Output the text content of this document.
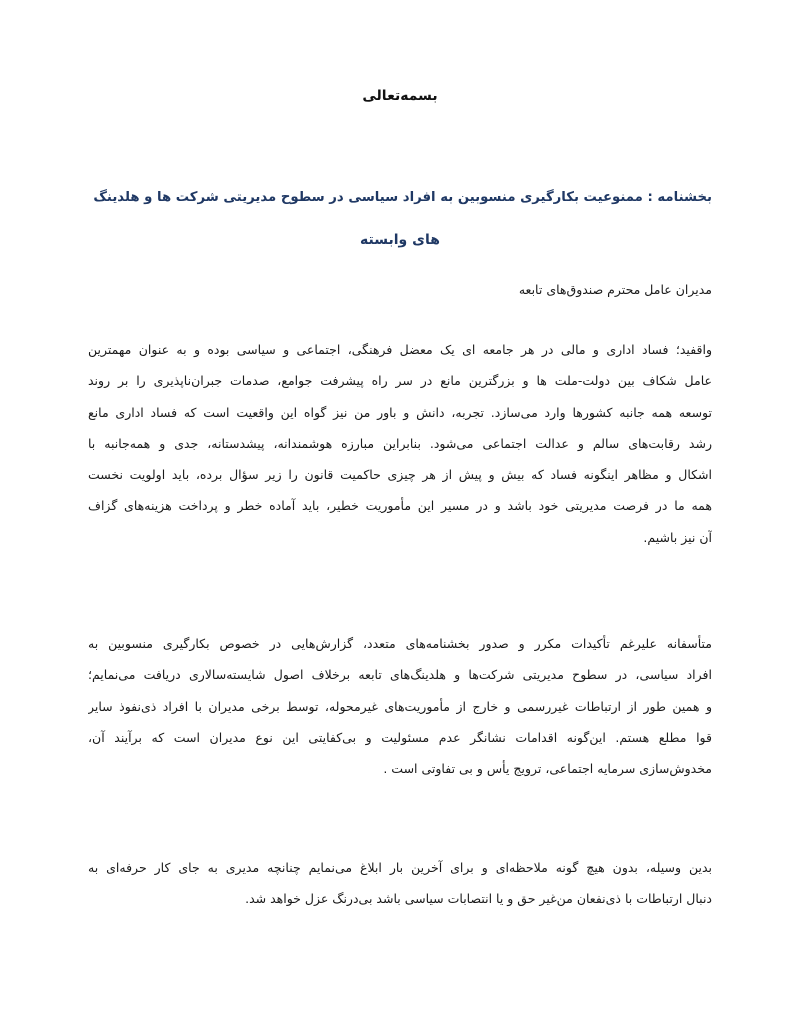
بسمه‌تعالی
بخشنامه : ممنوعیت بکارگیری منسوبین به افراد سیاسی در سطوح مدیریتی شرکت ها و هلدینگ
های وابسته
مدیران عامل محترم صندوق‌های تابعه

واقفید؛ فساد اداری و مالی در هر جامعه ای یک معضل فرهنگی، اجتماعی و سیاسی بوده و به عنوان مهمترین
عامل شکاف بین دولت-ملت ها و بزرگترین مانع در سر راه پیشرفت جوامع، صدمات جبران‌ناپذیری را بر روند
توسعه همه جانبه کشورها وارد می‌سازد. تجربه، دانش و باور من نیز گواه این واقعیت است که فساد اداری مانع
رشد رقابت‌های سالم و عدالت اجتماعی می‌شود. بنابراین مبارزه هوشمندانه، پیشدستانه، جدی و همه‌جانبه با
اشکال و مظاهر اینگونه فساد که بیش و پیش از هر چیزی حاکمیت قانون را زیر سؤال برده، باید اولویت نخست
همه ما در فرصت مدیریتی خود باشد و در مسیر این مأموریت خطیر، باید آماده خطر و پرداخت هزینه‌های گزاف
آن نیز باشیم.

متأسفانه علیرغم تأکیدات مکرر و صدور بخشنامه‌های متعدد، گزارش‌هایی در خصوص بکارگیری منسوبین به
افراد سیاسی، در سطوح مدیریتی شرکت‌ها و هلدینگ‌های تابعه برخلاف اصول شایسته‌سالاری دریافت می‌نمایم؛
و همین طور از ارتباطات غیررسمی و خارج از مأموریت‌های غیرمحوله، توسط برخی مدیران با افراد ذی‌نفوذ سایر
قوا مطلع هستم. این‌گونه اقدامات نشانگر عدم مسئولیت و بی‌کفایتی این نوع مدیران است که برآیند آن،
مخدوش‌سازی سرمایه اجتماعی، ترویج یأس و بی تفاوتی است .

بدین وسیله، بدون هیچ گونه ملاحظه‌ای و برای آخرین بار ابلاغ می‌نمایم چنانچه مدیری به جای کار حرفه‌ای به
دنبال ارتباطات با ذی‌نفعان من‌غیر حق و یا انتصابات سیاسی باشد بی‌درنگ عزل خواهد شد.
